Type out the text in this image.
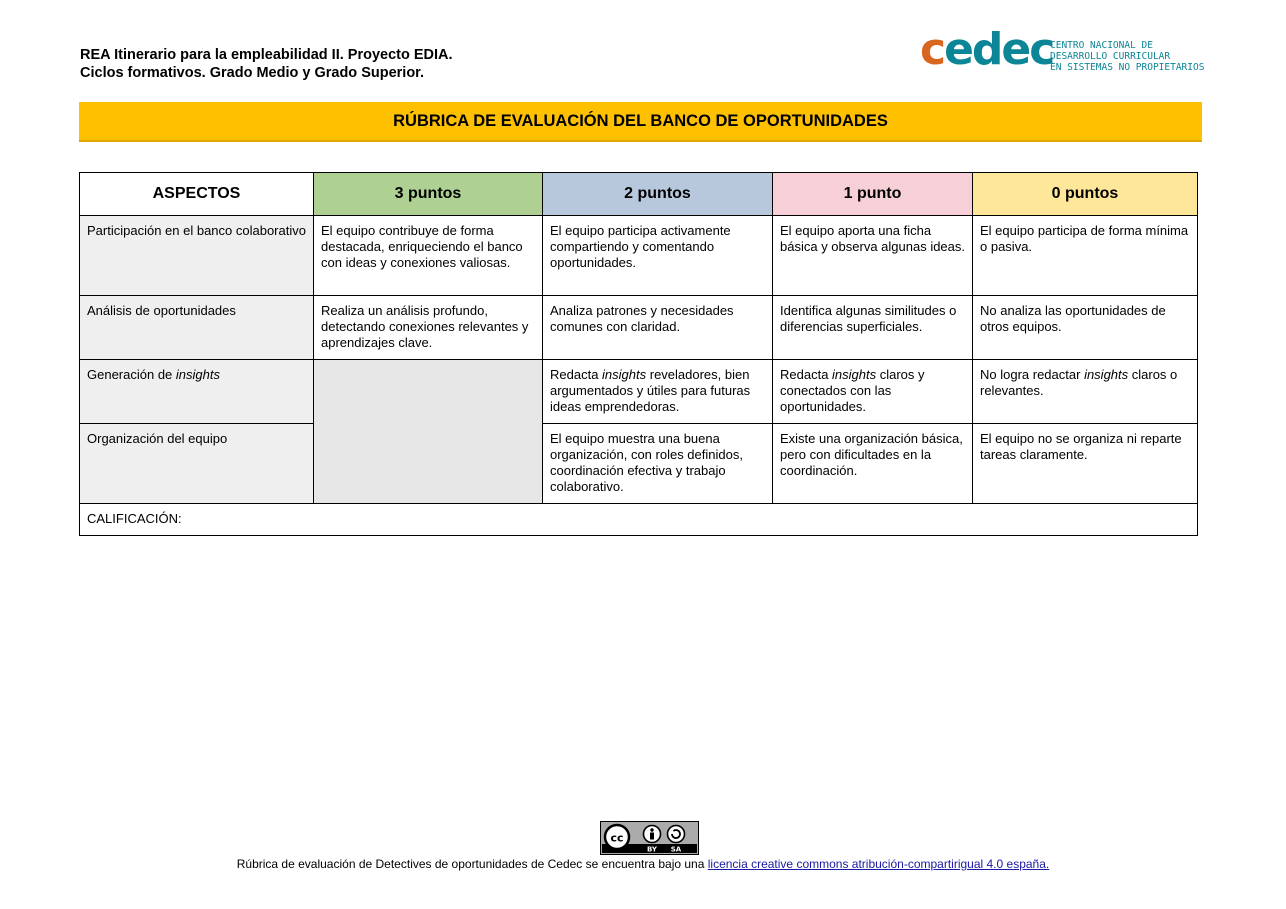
REA Itinerario para la empleabilidad II. Proyecto EDIA.
Ciclos formativos. Grado Medio y Grado Superior.	cedec
CENTRO NACIONAL DE
DESARROLLO CURRICULAR
EN SISTEMAS NO PROPIETARIOS
RÚBRICA DE EVALUACIÓN DEL BANCO DE OPORTUNIDADES
ASPECTOS	3 puntos	2 puntos	1 punto	0 puntos
Participación en el banco colaborativo	El equipo contribuye de forma destacada, enriqueciendo el banco con ideas y conexiones valiosas.	El equipo participa activamente compartiendo y comentando oportunidades.	El equipo aporta una ficha básica y observa algunas ideas.	El equipo participa de forma mínima o pasiva.
Análisis de oportunidades	Realiza un análisis profundo, detectando conexiones relevantes y aprendizajes clave.	Analiza patrones y necesidades comunes con claridad.	Identifica algunas similitudes o diferencias superficiales.	No analiza las oportunidades de otros equipos.
Generación de insights		Redacta insights reveladores, bien argumentados y útiles para futuras ideas emprendedoras.	Redacta insights claros y conectados con las oportunidades.	No logra redactar insights claros o relevantes.
Organización del equipo		El equipo muestra una buena organización, con roles definidos, coordinación efectiva y trabajo colaborativo.	Existe una organización básica, pero con dificultades en la coordinación.	El equipo no se organiza ni reparte tareas claramente.
CALIFICACIÓN:				
cc
BY SA
Rúbrica de evaluación de Detectives de oportunidades de Cedec se encuentra bajo una licencia creative commons atribución-compartirigual 4.0 españa.
